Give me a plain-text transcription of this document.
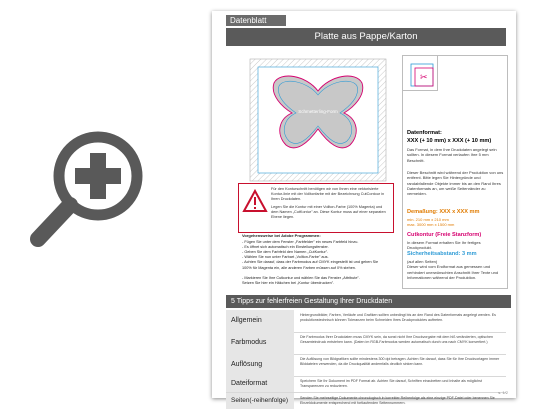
Datenblatt
Platte aus Pappe/Karton
Schmetterling-Form
✂
Datenformat:
XXX (+ 10 mm) x XXX (+ 10 mm)
Das Format, in dem Ihre Druckdaten angelegt sein sollten. In diesem Format verlaufen Ihre 5 mm Beschnitt.
Dieser Beschnitt wird während der Produktion von uns entfernt. Bitte legen Sie Hintergründe und randabfallende Objekte immer bis an den Rand Ihres Datenformats an, um weiße Seitenränder zu vermeiden.
Demaßung: XXX x XXX mm
min. 210 mm x 210 mm
max. 3000 mm x 1500 mm
Cutkontur (Freie Stanzform)
In diesem Format erhalten Sie Ihr fertiges Druckprodukt.
Sicherheitsabstand: 3 mm
(auf allen Seiten)
Dieser wird vom Endformat aus gemessen und verhindert unerwünschten Anschnitt Ihrer Texte und Informationen während der Produktion.
Für den Konturschnitt benötigen wir von Ihnen eine vektorisierte Kontur-linie mit der Volltonfarbe mit der Bezeichnung CutContour in Ihren Druckdaten.
Legen Sie die Kontur mit einer Vollton-Farbe (100% Magenta) und dem Namen „CutKontur" an. Diese Kontur muss auf einer separaten Ebene liegen.
Vorgehensweise bei Adobe Programmen:
- Fügen Sie unter dem Fenster „Farbfelder" ein neues Farbfeld hinzu.
- Es öffnet sich automatisch ein Einstellungsfenster.
- Geben Sie dem Farbfeld den Namen „CutKontur".
- Wählen Sie nun unter Farbart „Vollton-Farbe" aus.
- Achten Sie darauf, dass der Farbmodus auf CMYK eingestellt ist und geben Sie
100% für Magenta ein, alle anderen Farben müssen auf 0% stehen.
- Markieren Sie Ihre Cutkontur und wählen Sie das Fenster „Attribute".
Setzen Sie hier ein Häkchen bei „Kontur überdrucken".
5 Tipps zur fehlerfreien Gestaltung Ihrer Druckdaten
Allgemein
Hintergrundbilder, Farben, Verläufe und Grafiken sollten unbedingt bis an den Rand des Datenformats angelegt werden. Es produktionstechnisch können Toleranzen beim Schneiden Ihres Druckproduktes auftreten.
Farbmodus
Die Farbmodus Ihrer Druckdaten muss CMYK sein, da sonst nicht Ihre Druckvorgabe mit dem hiß veränderten, optischen Gesamteindruck entstehen kann. (Daten im RGB-Farbmodus werden automatisch durch uns nach CMYK konvertiert.)
Auflösung
Die Auflösung von Bildgrafiken sollte mindestens 300 dpi betragen. Achten Sie darauf, dass Sie für Ihre Druckvorlagen immer Bilddateien verwenden, da die Druckqualität andernfalls deutlich sinken kann.
Dateiformat	Speichern Sie Ihr Dokument im PDF Format ab. Achten Sie darauf, Schriften einzubetten und Inhalte als möglichst Transparenzen zu reduzieren.
Seiten(-reihenfolge)	Senden Sie mehrseitige Dokumente chronologisch in korrekter Reihenfolge als eine einzige PDF-Datei oder benennen Sie Einzeldokumente entsprechend mit fortlaufenden Seitennummern.
s. 1/2
